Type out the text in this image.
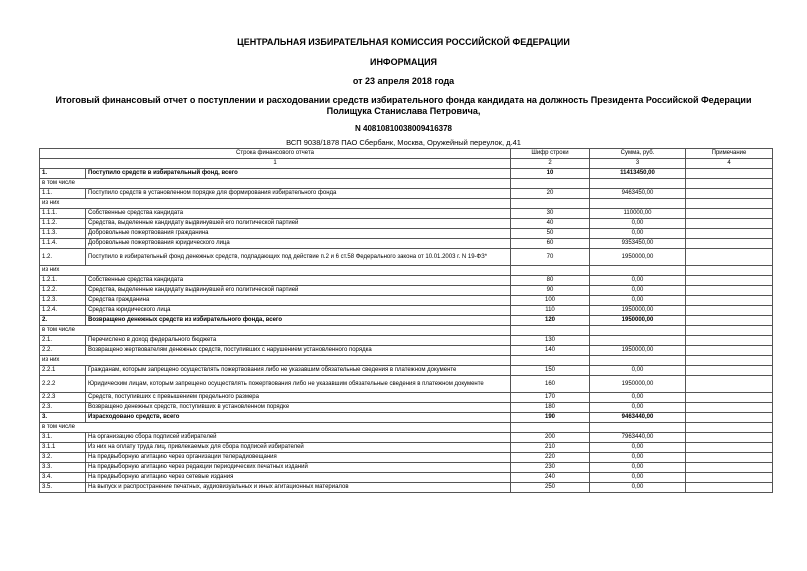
ЦЕНТРАЛЬНАЯ ИЗБИРАТЕЛЬНАЯ КОМИССИЯ РОССИЙСКОЙ ФЕДЕРАЦИИ
ИНФОРМАЦИЯ
от 23 апреля 2018 года
Итоговый финансовый отчет о поступлении и расходовании средств избирательного фонда кандидата на должность Президента Российской Федерации Полищука Станислава Петровича,
N 40810810038009416378
ВСП 9038/1878 ПАО Сбербанк, Москва, Оружейный переулок, д.41
Строка финансового отчета		Шифр строки	Сумма, руб.	Примечание
1		2	3	4
1.	Поступило средств в избирательный фонд, всего	10	11413450,00	
в том числе				
1.1.	Поступило средств в установленном порядке для формирования избирательного фонда	20	9463450,00	
из них				
1.1.1.	Собственные средства кандидата	30	110000,00	
1.1.2.	Средства, выделенные кандидату выдвинувшей его политической партией	40	0,00	
1.1.3.	Добровольные пожертвования гражданина	50	0,00	
1.1.4.	Добровольные пожертвования юридического лица	60	9353450,00	
1.2.	Поступило в избирательный фонд денежных средств, подпадающих под действие п.2 и 6 ст.58 Федерального закона от 10.01.2003 г. N 19-ФЗ*	70	1950000,00	
из них				
1.2.1.	Собственные средства кандидата	80	0,00	
1.2.2.	Средства, выделенные кандидату выдвинувшей его политической партией	90	0,00	
1.2.3.	Средства гражданина	100	0,00	
1.2.4.	Средства юридического лица	110	1950000,00	
2.	Возвращено денежных средств из избирательного фонда, всего	120	1950000,00	
в том числе				
2.1.	Перечислено в доход федерального бюджета	130		
2.2.	Возвращено жертвователям денежных средств, поступивших с нарушением установленного порядка	140	1950000,00	
из них				
2.2.1	Гражданам, которым запрещено осуществлять пожертвования либо не указавшим обязательные сведения в платежном документе	150	0,00	
2.2.2	Юридическим лицам, которым запрещено осуществлять пожертвования либо не указавшим обязательные сведения в платежном документе	160	1950000,00	
2.2.3	Средств, поступивших с превышением предельного размера	170	0,00	
2.3.	Возвращено денежных средств, поступивших в установленном порядке	180	0,00	
3.	Израсходовано средств, всего	190	9463440,00	
в том числе				
3.1.	На организацию сбора подписей избирателей	200	7963440,00	
3.1.1	Из них на оплату труда лиц, привлекаемых для сбора подписей избирателей	210	0,00	
3.2.	На предвыборную агитацию через организации телерадиовещания	220	0,00	
3.3.	На предвыборную агитацию через редакции периодических печатных изданий	230	0,00	
3.4.	На предвыборную агитацию через сетевые издания	240	0,00	
3.5.	На выпуск и распространение печатных, аудиовизуальных и иных агитационных материалов	250	0,00	
